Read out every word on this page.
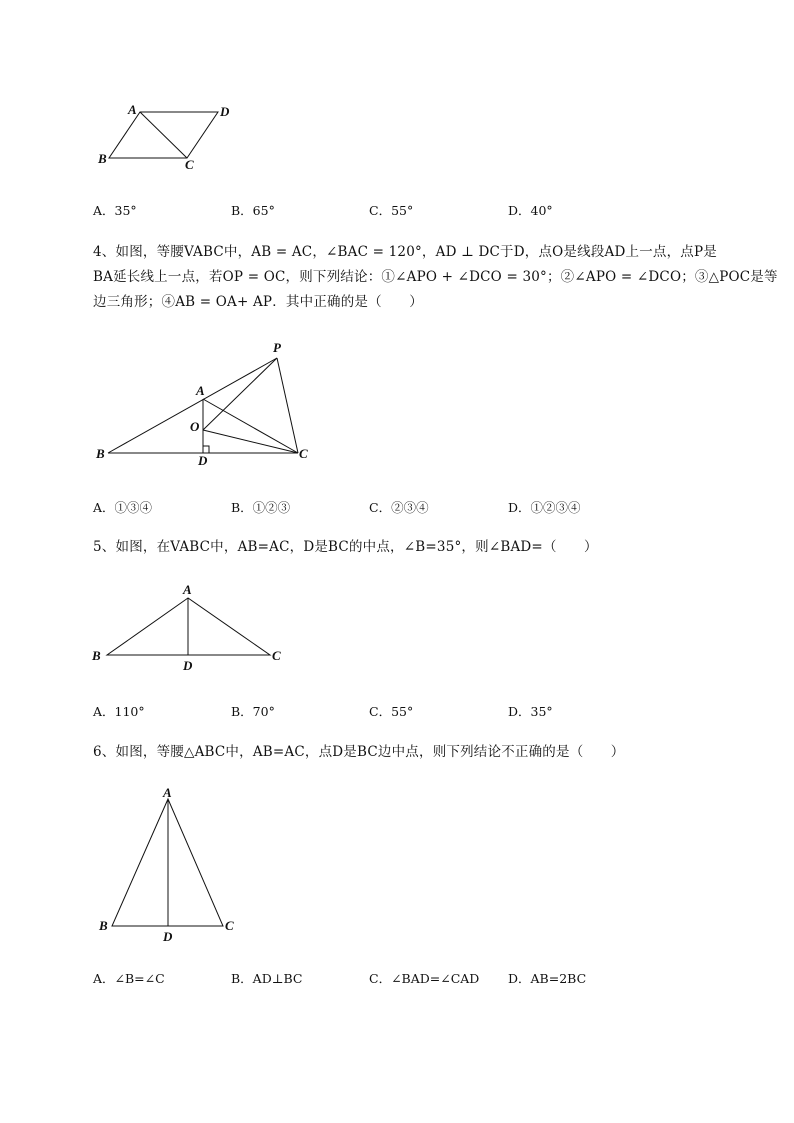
A	D
B	C
A．35°	B．65°	C．55°	D．40°
4、如图，等腰VABC中，AB = AC，∠BAC = 120°，AD ⊥ DC于D，点O是线段AD上一点，点P是
BA延长线上一点，若OP = OC，则下列结论：①∠APO + ∠DCO = 30°；②∠APO = ∠DCO；③△POC是等
边三角形；④AB = OA+ AP．其中正确的是（　　）
P
A
O
B	D	C
A．①③④	B．①②③	C．②③④	D．①②③④
5、如图，在VABC中，AB=AC，D是BC的中点，∠B=35°，则∠BAD=（　　）
A
B
D
C
A．110°	B．70°	C．55°	D．35°
6、如图，等腰△ABC中，AB=AC，点D是BC边中点，则下列结论不正确的是（　　）
A
B
D
C
A．∠B=∠C	B．AD⊥BC	C．∠BAD=∠CAD D．AB=2BC
